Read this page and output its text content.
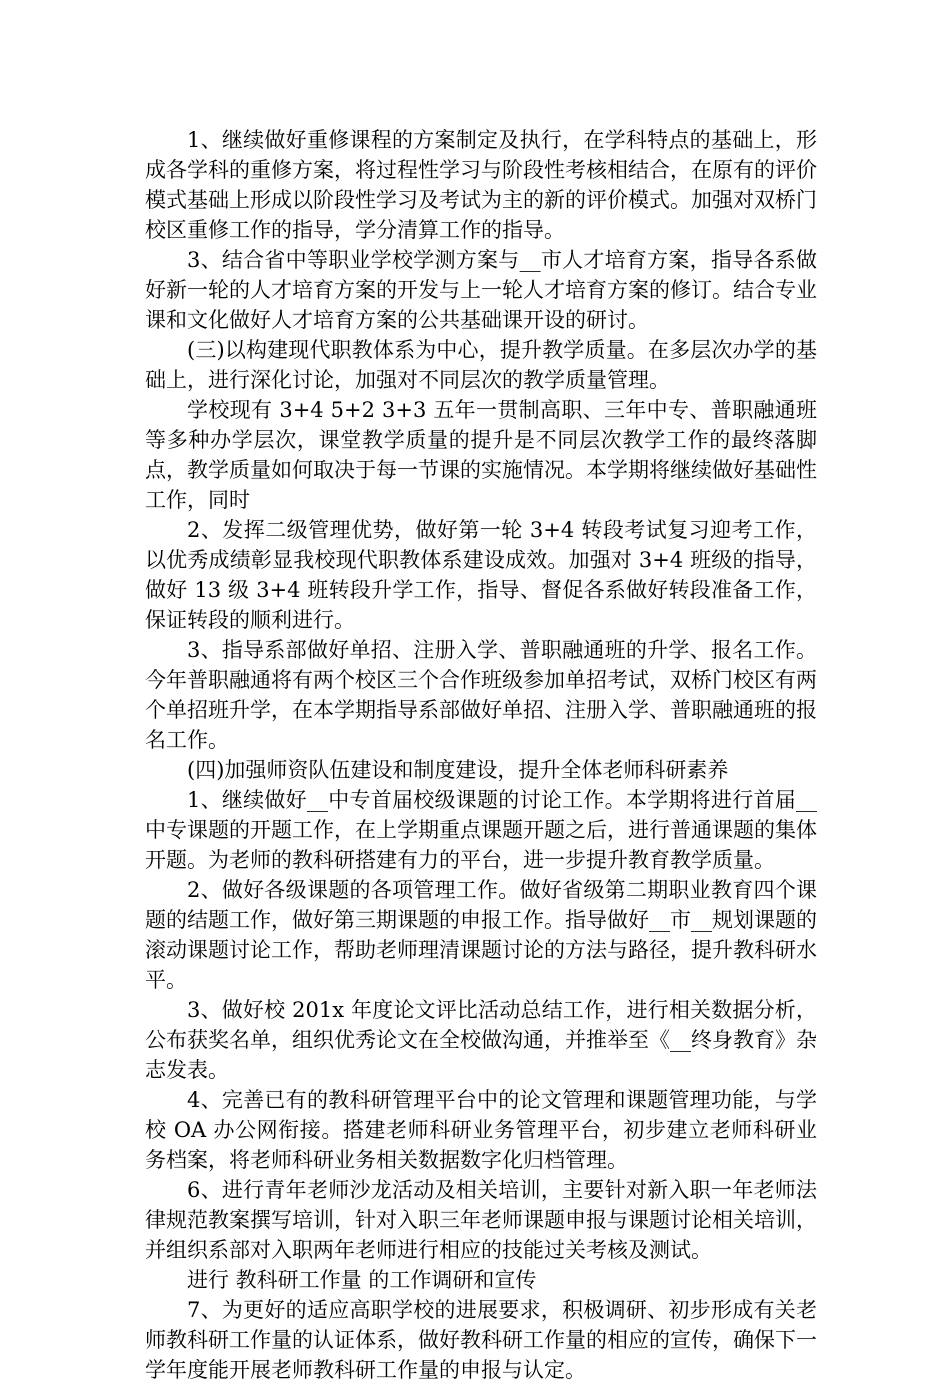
1、继续做好重修课程的方案制定及执行，在学科特点的基础上，形成各学科的重修方案，将过程性学习与阶段性考核相结合，在原有的评价模式基础上形成以阶段性学习及考试为主的新的评价模式。加强对双桥门校区重修工作的指导，学分清算工作的指导。

3、结合省中等职业学校学测方案与__市人才培育方案，指导各系做好新一轮的人才培育方案的开发与上一轮人才培育方案的修订。结合专业课和文化做好人才培育方案的公共基础课开设的研讨。

(三)以构建现代职教体系为中心，提升教学质量。在多层次办学的基础上，进行深化讨论，加强对不同层次的教学质量管理。

学校现有 3+4 5+2 3+3 五年一贯制高职、三年中专、普职融通班等多种办学层次，课堂教学质量的提升是不同层次教学工作的最终落脚点，教学质量如何取决于每一节课的实施情况。本学期将继续做好基础性工作，同时

2、发挥二级管理优势，做好第一轮 3+4 转段考试复习迎考工作，以优秀成绩彰显我校现代职教体系建设成效。加强对 3+4 班级的指导，做好 13 级 3+4 班转段升学工作，指导、督促各系做好转段准备工作，保证转段的顺利进行。

3、指导系部做好单招、注册入学、普职融通班的升学、报名工作。今年普职融通将有两个校区三个合作班级参加单招考试，双桥门校区有两个单招班升学，在本学期指导系部做好单招、注册入学、普职融通班的报名工作。

(四)加强师资队伍建设和制度建设，提升全体老师科研素养

1、继续做好__中专首届校级课题的讨论工作。本学期将进行首届__中专课题的开题工作，在上学期重点课题开题之后，进行普通课题的集体开题。为老师的教科研搭建有力的平台，进一步提升教育教学质量。

2、做好各级课题的各项管理工作。做好省级第二期职业教育四个课题的结题工作，做好第三期课题的申报工作。指导做好__市__规划课题的滚动课题讨论工作，帮助老师理清课题讨论的方法与路径，提升教科研水平。

3、做好校 201x 年度论文评比活动总结工作，进行相关数据分析，公布获奖名单，组织优秀论文在全校做沟通，并推举至《__终身教育》杂志发表。

4、完善已有的教科研管理平台中的论文管理和课题管理功能，与学校 OA 办公网衔接。搭建老师科研业务管理平台，初步建立老师科研业务档案，将老师科研业务相关数据数字化归档管理。

6、进行青年老师沙龙活动及相关培训，主要针对新入职一年老师法律规范教案撰写培训，针对入职三年老师课题申报与课题讨论相关培训，并组织系部对入职两年老师进行相应的技能过关考核及测试。

进行 教科研工作量 的工作调研和宣传

7、为更好的适应高职学校的进展要求，积极调研、初步形成有关老师教科研工作量的认证体系，做好教科研工作量的相应的宣传，确保下一学年度能开展老师教科研工作量的申报与认定。
